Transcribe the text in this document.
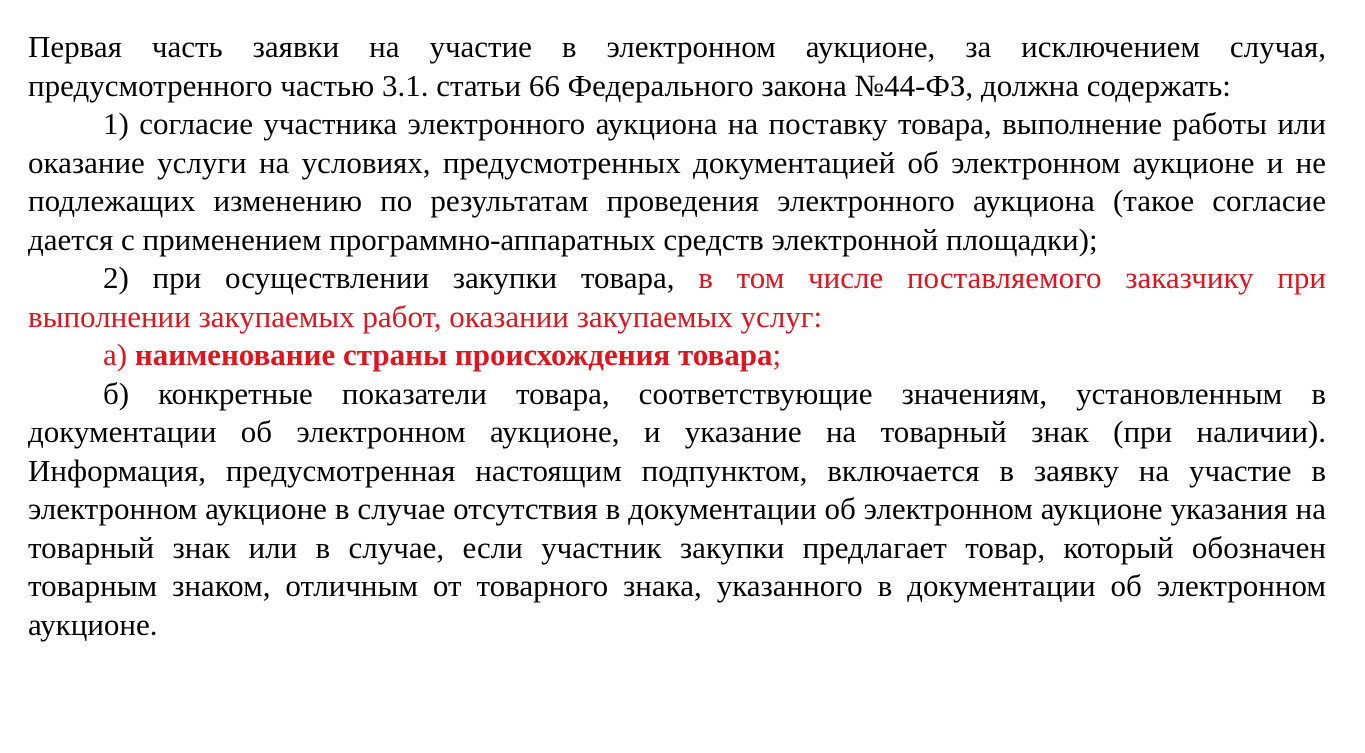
Первая часть заявки на участие в электронном аукционе, за исключением случая, предусмотренного частью 3.1. статьи 66 Федерального закона №44-ФЗ, должна содержать:

1) согласие участника электронного аукциона на поставку товара, выполнение работы или оказание услуги на условиях, предусмотренных документацией об электронном аукционе и не подлежащих изменению по результатам проведения электронного аукциона (такое согласие дается с применением программно-аппаратных средств электронной площадки);

2) при осуществлении закупки товара, в том числе поставляемого заказчику при выполнении закупаемых работ, оказании закупаемых услуг:

а) наименование страны происхождения товара;

б) конкретные показатели товара, соответствующие значениям, установленным в документации об электронном аукционе, и указание на товарный знак (при наличии). Информация, предусмотренная настоящим подпунктом, включается в заявку на участие в электронном аукционе в случае отсутствия в документации об электронном аукционе указания на товарный знак или в случае, если участник закупки предлагает товар, который обозначен товарным знаком, отличным от товарного знака, указанного в документации об электронном аукционе.
